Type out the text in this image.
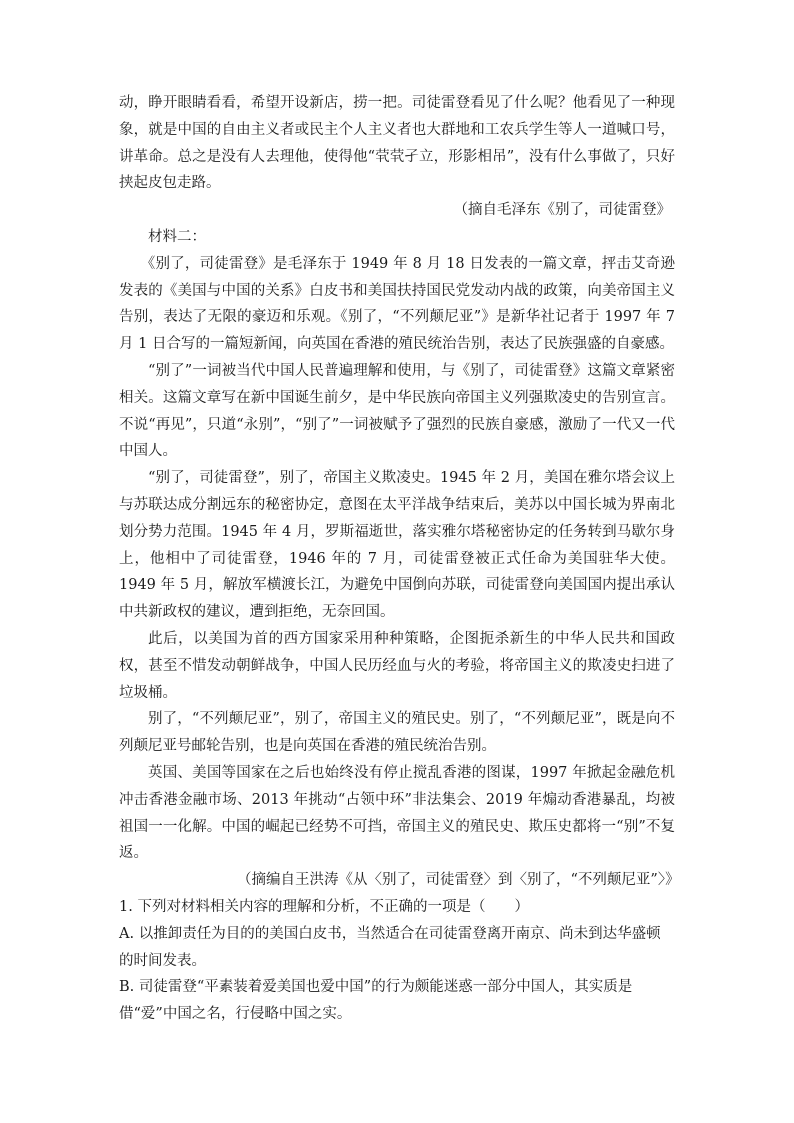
动，睁开眼睛看看，希望开设新店，捞一把。司徒雷登看见了什么呢？他看见了一种现象，就是中国的自由主义者或民主个人主义者也大群地和工农兵学生等人一道喊口号，讲革命。总之是没有人去理他，使得他“茕茕孑立，形影相吊”，没有什么事做了，只好挟起皮包走路。

（摘自毛泽东《别了，司徒雷登》

材料二：

《别了，司徒雷登》是毛泽东于 1949 年 8 月 18 日发表的一篇文章，抨击艾奇逊发表的《美国与中国的关系》白皮书和美国扶持国民党发动内战的政策，向美帝国主义告别，表达了无限的豪迈和乐观。《别了，“不列颠尼亚”》是新华社记者于 1997 年 7 月 1 日合写的一篇短新闻，向英国在香港的殖民统治告别，表达了民族强盛的自豪感。

“别了”一词被当代中国人民普遍理解和使用，与《别了，司徒雷登》这篇文章紧密相关。这篇文章写在新中国诞生前夕，是中华民族向帝国主义列强欺凌史的告别宣言。不说“再见”，只道“永别”，“别了”一词被赋予了强烈的民族自豪感，激励了一代又一代中国人。

“别了，司徒雷登”，别了，帝国主义欺凌史。1945 年 2 月，美国在雅尔塔会议上与苏联达成分割远东的秘密协定，意图在太平洋战争结束后，美苏以中国长城为界南北划分势力范围。1945 年 4 月，罗斯福逝世，落实雅尔塔秘密协定的任务转到马歇尔身上，他相中了司徒雷登，1946 年的 7 月，司徒雷登被正式任命为美国驻华大使。1949 年 5 月，解放军横渡长江，为避免中国倒向苏联，司徒雷登向美国国内提出承认中共新政权的建议，遭到拒绝，无奈回国。

此后，以美国为首的西方国家采用种种策略，企图扼杀新生的中华人民共和国政权，甚至不惜发动朝鲜战争，中国人民历经血与火的考验，将帝国主义的欺凌史扫进了垃圾桶。

别了，“不列颠尼亚”，别了，帝国主义的殖民史。别了，“不列颠尼亚”，既是向不列颠尼亚号邮轮告别，也是向英国在香港的殖民统治告别。

英国、美国等国家在之后也始终没有停止搅乱香港的图谋，1997 年掀起金融危机冲击香港金融市场、2013 年挑动“占领中环”非法集会、2019 年煽动香港暴乱，均被祖国一一化解。中国的崛起已经势不可挡，帝国主义的殖民史、欺压史都将一“别”不复返。

（摘编自王洪涛《从〈别了，司徒雷登〉到〈别了，“不列颠尼亚”〉》

1. 下列对材料相关内容的理解和分析，不正确的一项是（　　）

A. 以推卸责任为目的的美国白皮书，当然适合在司徒雷登离开南京、尚未到达华盛顿的时间发表。

B. 司徒雷登“平素装着爱美国也爱中国”的行为颇能迷惑一部分中国人，其实质是借“爱”中国之名，行侵略中国之实。
